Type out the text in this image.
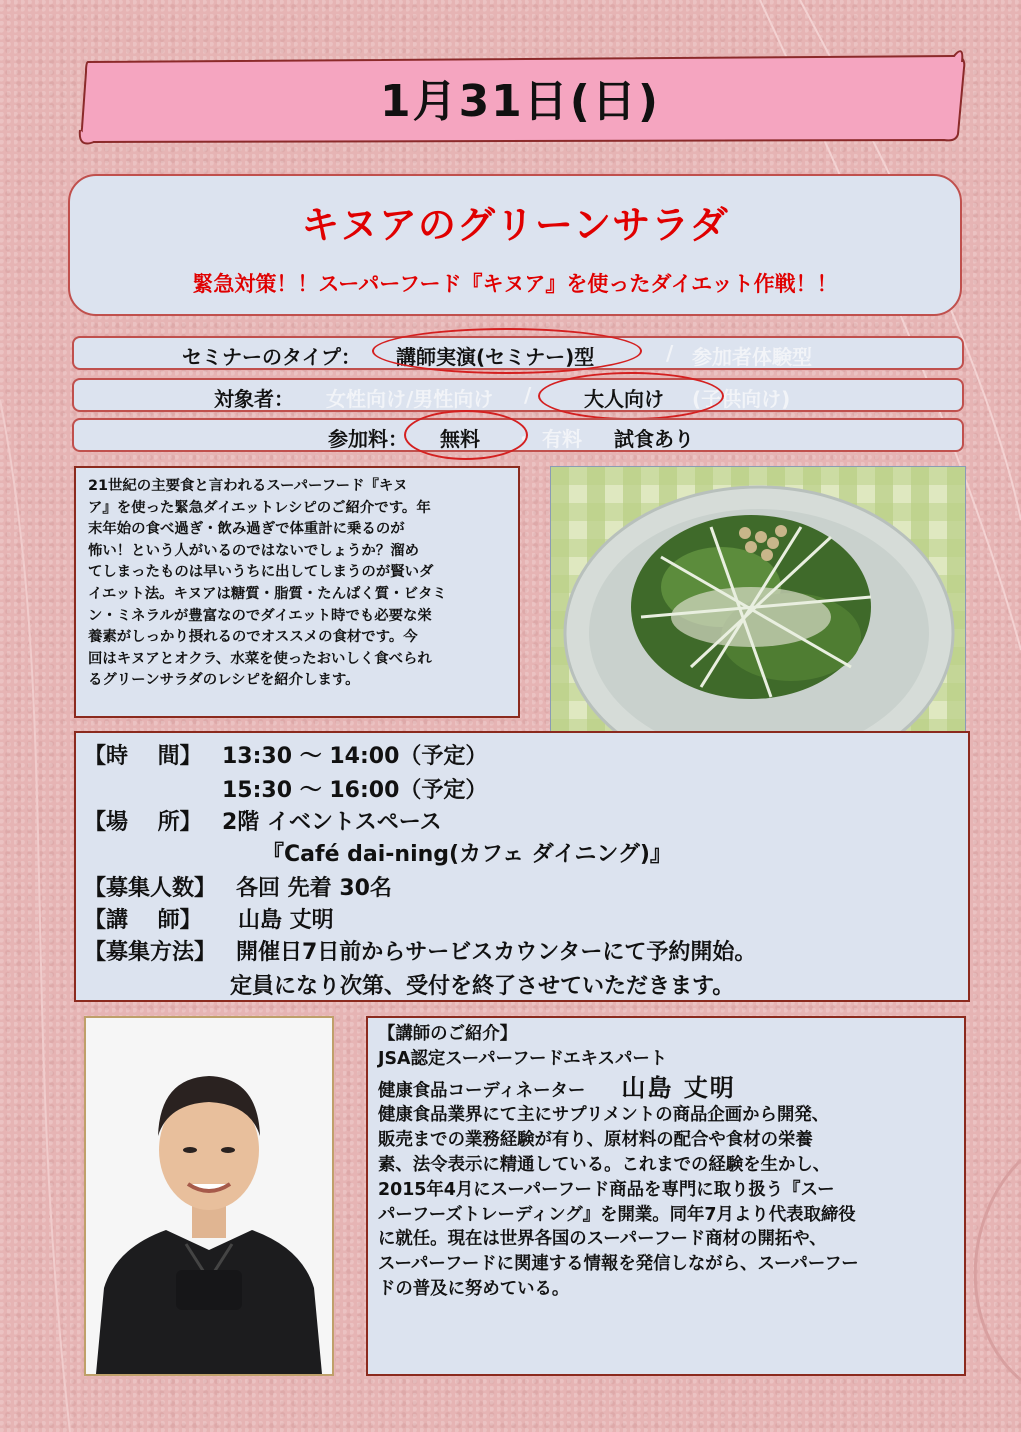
1月31日(日)
キヌアのグリーンサラダ
緊急対策！！スーパーフード『キヌア』を使ったダイエット作戦！！
セミナーのタイプ： 講師実演(セミナー)型	/ 参加者体験型
対象者： 女性向け/男性向け /	大人向け (子供向け)
参加料： 無料 ・ 有料 試食あり
21世紀の主要食と言われるスーパーフード『キヌ
ア』を使った緊急ダイエットレシピのご紹介です。年
末年始の食べ過ぎ・飲み過ぎで体重計に乗るのが
怖い！という人がいるのではないでしょうか？溜め
てしまったものは早いうちに出してしまうのが賢いダ
イエット法。キヌアは糖質・脂質・たんぱく質・ビタミ
ン・ミネラルが豊富なのでダイエット時でも必要な栄
養素がしっかり摂れるのでオススメの食材です。今
回はキヌアとオクラ、水菜を使ったおいしく食べられ
るグリーンサラダのレシピを紹介します。
【時　 間】 13:30 ～ 14:00（予定）
15:30 ～ 16:00（予定）
【場　 所】 2階 イベントスペース
『Café dai-ning(カフェ ダイニング)』
【募集人数】 各回 先着 30名
【講　 師】 山島 丈明
【募集方法】 開催日7日前からサービスカウンターにて予約開始。
定員になり次第、受付を終了させていただきます。
【講師のご紹介】
JSA認定スーパーフードエキスパート
健康食品コーディネーター 山島 丈明
健康食品業界にて主にサプリメントの商品企画から開発、
販売までの業務経験が有り、原材料の配合や食材の栄養
素、法令表示に精通している。これまでの経験を生かし、
2015年4月にスーパーフード商品を専門に取り扱う『スー
パーフーズトレーディング』を開業。同年7月より代表取締役
に就任。現在は世界各国のスーパーフード商材の開拓や、
スーパーフードに関連する情報を発信しながら、スーパーフー
ドの普及に努めている。
